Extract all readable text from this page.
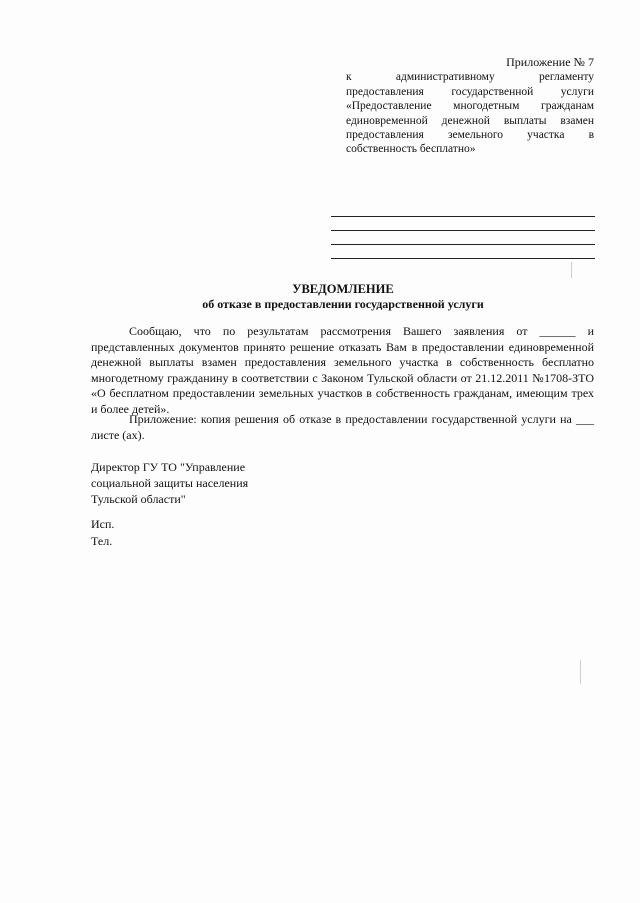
Приложение № 7
к административному регламенту
предоставления государственной услуги
«Предоставление многодетным гражданам
единовременной денежной выплаты взамен
предоставления земельного участка в
собственность бесплатно»
УВЕДОМЛЕНИЕ
об отказе в предоставлении государственной услуги

Сообщаю, что по результатам рассмотрения Вашего заявления от ______ и представленных документов принято решение отказать Вам в предоставлении единовременной денежной выплаты взамен предоставления земельного участка в собственность бесплатно многодетному гражданину в соответствии с Законом Тульской области от 21.12.2011 №1708-ЗТО «О бесплатном предоставлении земельных участков в собственность гражданам, имеющим трех и более детей».

Приложение: копия решения об отказе в предоставлении государственной услуги на ___ листе (ах).

Директор ГУ ТО "Управление
социальной защиты населения
Тульской области"
Исп.
Тел.
